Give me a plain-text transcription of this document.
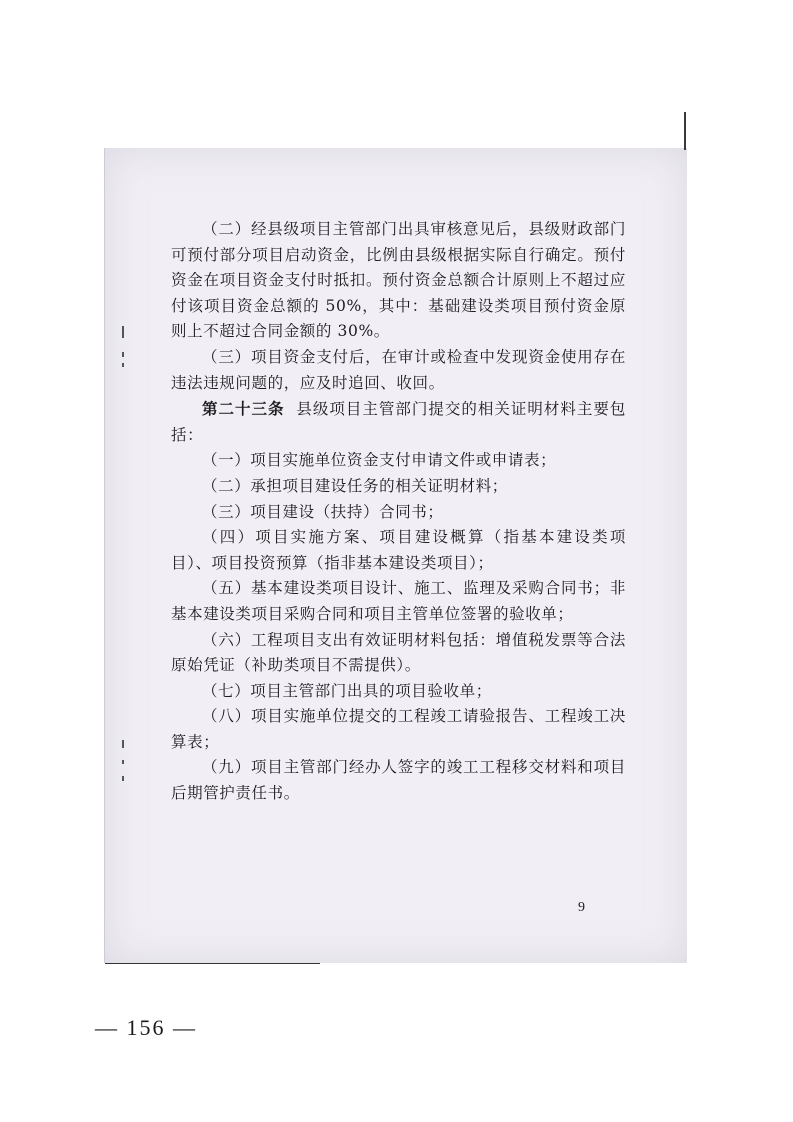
（二）经县级项目主管部门出具审核意见后，县级财政部门可预付部分项目启动资金，比例由县级根据实际自行确定。预付资金在项目资金支付时抵扣。预付资金总额合计原则上不超过应付该项目资金总额的 50%，其中：基础建设类项目预付资金原则上不超过合同金额的 30%。

（三）项目资金支付后，在审计或检查中发现资金使用存在违法违规问题的，应及时追回、收回。

第二十三条 县级项目主管部门提交的相关证明材料主要包括：

（一）项目实施单位资金支付申请文件或申请表；

（二）承担项目建设任务的相关证明材料；

（三）项目建设（扶持）合同书；

（四）项目实施方案、项目建设概算（指基本建设类项目）、项目投资预算（指非基本建设类项目）；

（五）基本建设类项目设计、施工、监理及采购合同书；非基本建设类项目采购合同和项目主管单位签署的验收单；

（六）工程项目支出有效证明材料包括：增值税发票等合法原始凭证（补助类项目不需提供）。

（七）项目主管部门出具的项目验收单；

（八）项目实施单位提交的工程竣工请验报告、工程竣工决算表；

（九）项目主管部门经办人签字的竣工工程移交材料和项目后期管护责任书。

9
— 156 —
